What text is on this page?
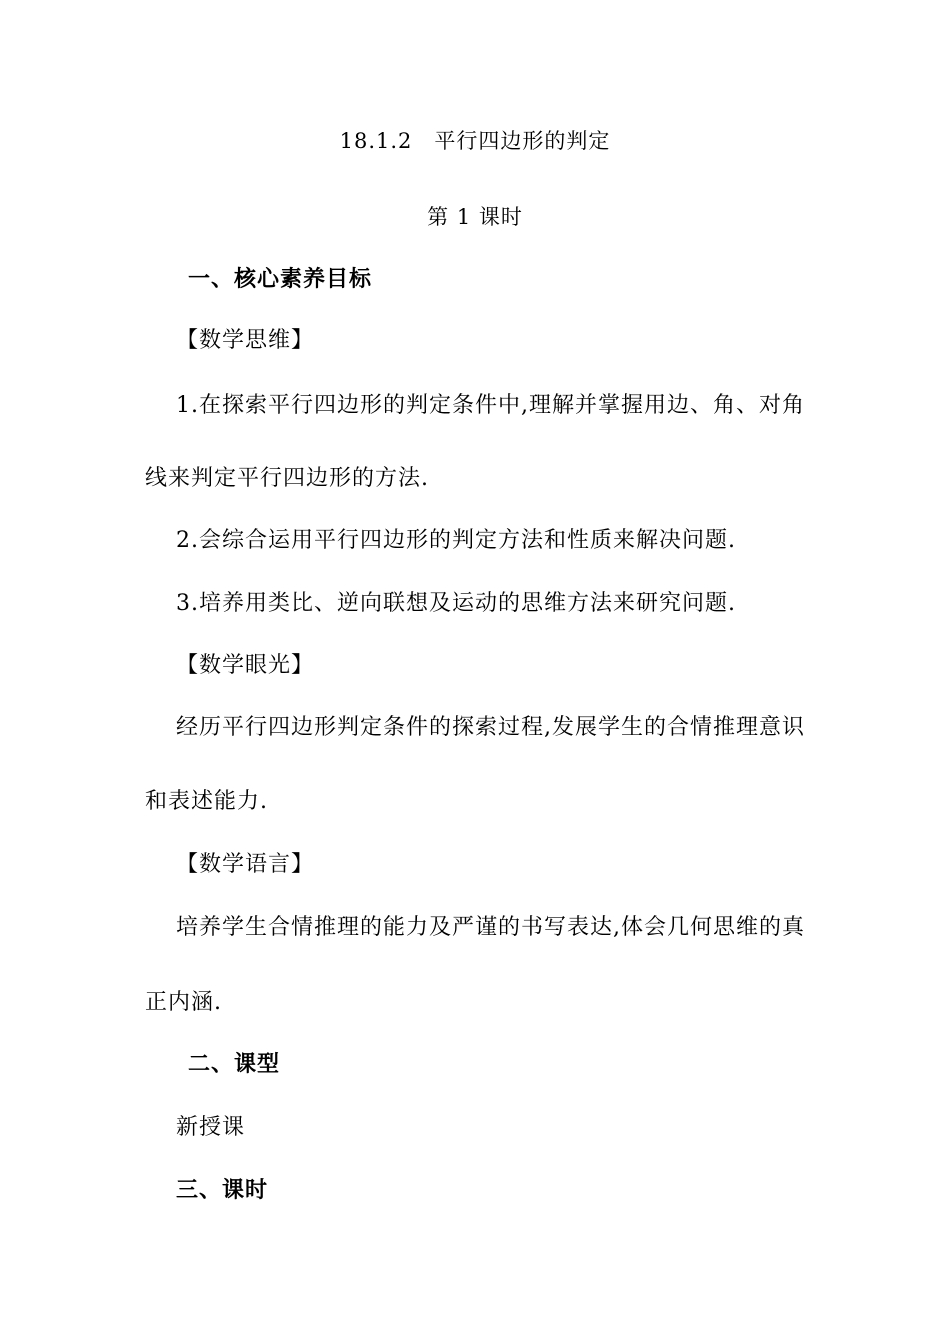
18.1.2　平行四边形的判定
第 1 课时
一、核心素养目标
【数学思维】
1.在探索平行四边形的判定条件中,理解并掌握用边、角、对角
线来判定平行四边形的方法.
2.会综合运用平行四边形的判定方法和性质来解决问题.
3.培养用类比、逆向联想及运动的思维方法来研究问题.
【数学眼光】
经历平行四边形判定条件的探索过程,发展学生的合情推理意识
和表述能力.
【数学语言】
培养学生合情推理的能力及严谨的书写表达,体会几何思维的真
正内涵.
二、课型
新授课
三、课时
